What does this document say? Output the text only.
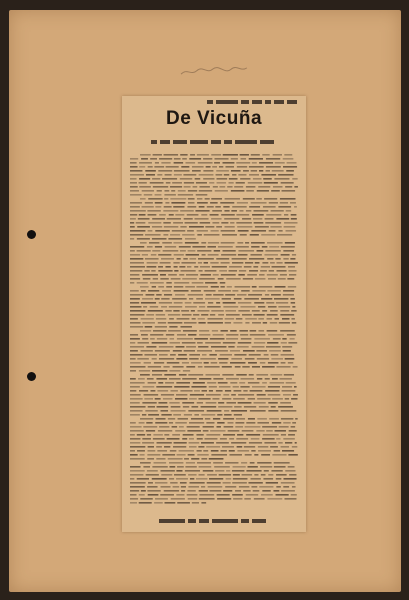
De Vicuña
